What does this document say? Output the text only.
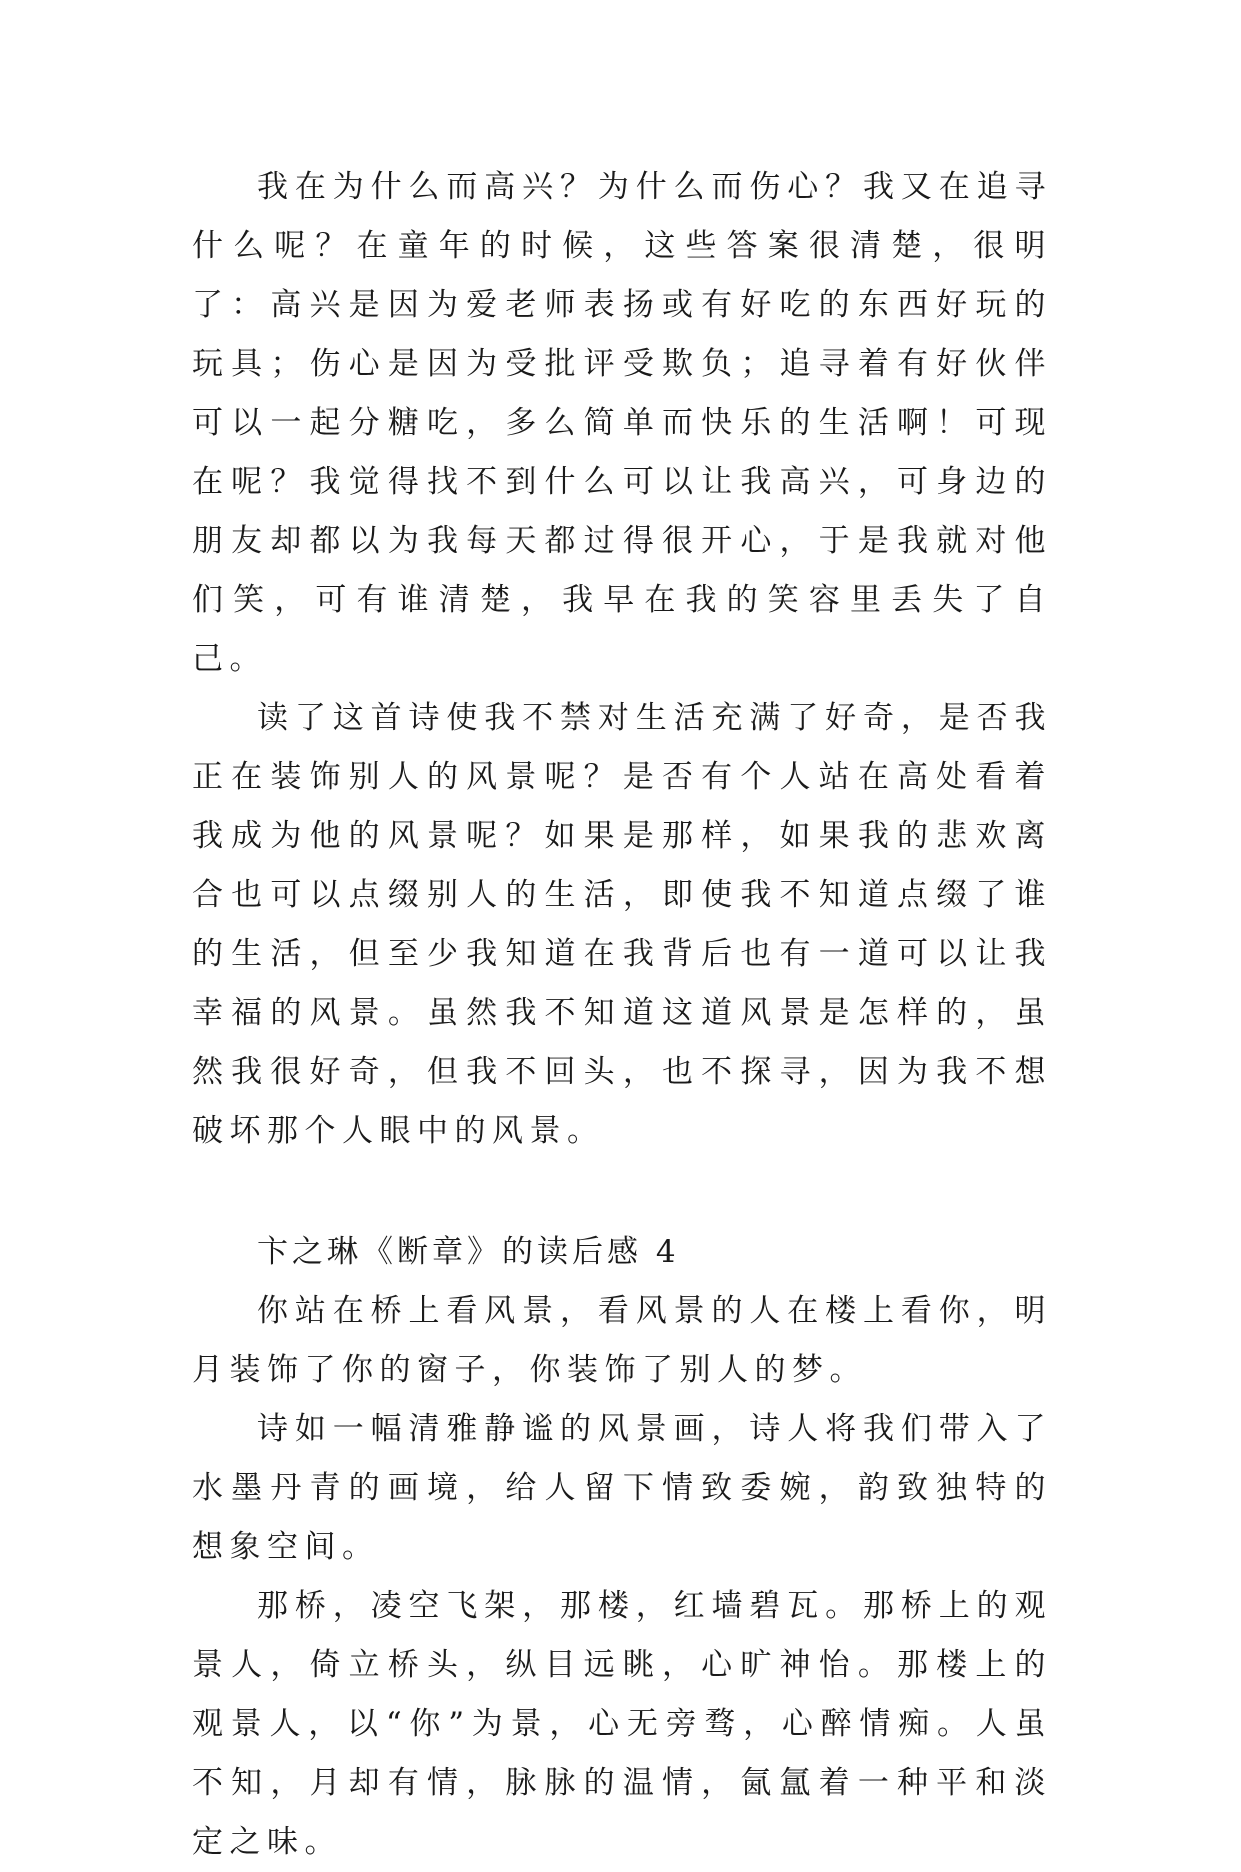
我在为什么而高兴？为什么而伤心？我又在追寻什么呢？在童年的时候，这些答案很清楚，很明了：高兴是因为爱老师表扬或有好吃的东西好玩的玩具；伤心是因为受批评受欺负；追寻着有好伙伴可以一起分糖吃，多么简单而快乐的生活啊！可现在呢？我觉得找不到什么可以让我高兴，可身边的朋友却都以为我每天都过得很开心，于是我就对他们笑，可有谁清楚，我早在我的笑容里丢失了自己。

读了这首诗使我不禁对生活充满了好奇，是否我正在装饰别人的风景呢？是否有个人站在高处看着我成为他的风景呢？如果是那样，如果我的悲欢离合也可以点缀别人的生活，即使我不知道点缀了谁的生活，但至少我知道在我背后也有一道可以让我幸福的风景。虽然我不知道这道风景是怎样的，虽然我很好奇，但我不回头，也不探寻，因为我不想破坏那个人眼中的风景。

卞之琳《断章》的读后感 4

你站在桥上看风景，看风景的人在楼上看你，明月装饰了你的窗子，你装饰了别人的梦。

诗如一幅清雅静谧的风景画，诗人将我们带入了水墨丹青的画境，给人留下情致委婉，韵致独特的想象空间。

那桥，凌空飞架，那楼，红墙碧瓦。那桥上的观景人，倚立桥头，纵目远眺，心旷神怡。那楼上的观景人，以“你”为景，心无旁骛，心醉情痴。人虽不知，月却有情，脉脉的温情，氤氲着一种平和淡定之味。
